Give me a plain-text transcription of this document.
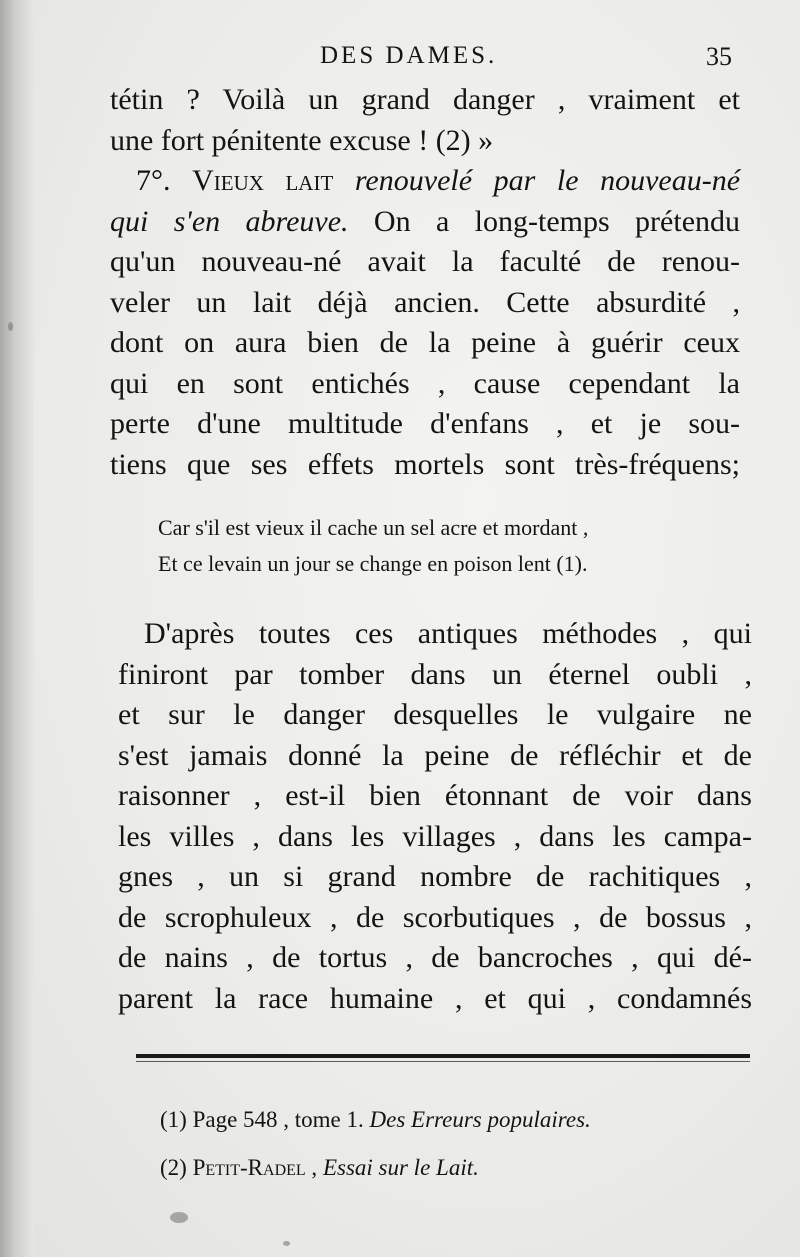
DES DAMES.	35
tétin ? Voilà un grand danger , vraiment et
une fort pénitente excuse ! (2) »
7°. Vieux lait renouvelé par le nouveau-né
qui s'en abreuve. On a long-temps prétendu
qu'un nouveau-né avait la faculté de renou-
veler un lait déjà ancien. Cette absurdité ,
dont on aura bien de la peine à guérir ceux
qui en sont entichés , cause cependant la
perte d'une multitude d'enfans , et je sou-
tiens que ses effets mortels sont très-fréquens;
Car s'il est vieux il cache un sel acre et mordant ,
Et ce levain un jour se change en poison lent (1).
D'après toutes ces antiques méthodes , qui
finiront par tomber dans un éternel oubli ,
et sur le danger desquelles le vulgaire ne
s'est jamais donné la peine de réfléchir et de
raisonner , est-il bien étonnant de voir dans
les villes , dans les villages , dans les campa-
gnes , un si grand nombre de rachitiques ,
de scrophuleux , de scorbutiques , de bossus ,
de nains , de tortus , de bancroches , qui dé-
parent la race humaine , et qui , condamnés
(1) Page 548 , tome 1. Des Erreurs populaires.
(2) Petit-Radel , Essai sur le Lait.
